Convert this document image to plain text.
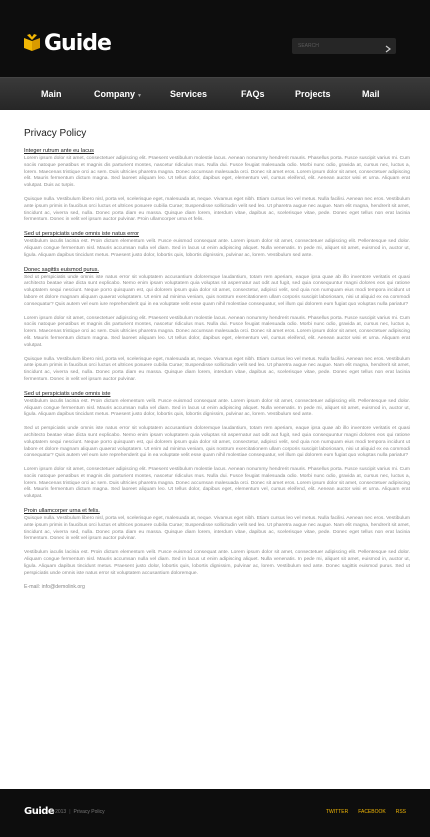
Guide
SEARCH
Main	Company ▼	Services	FAQs	Projects	Mail
Privacy Policy
Integer rutrum ante eu lacus

Lorem ipsum dolor sit amet, consectetuer adipiscing elit. Praesent vestibulum molestie lacus. Aenean nonummy hendrerit mauris. Phasellus porta. Fusce suscipit varius mi. Cum sociis natoque penatibus et magnis dis parturient montes, nascetur ridiculus mus. Nulla dui. Fusce feugiat malesuada odio. Morbi nunc odio, gravida at, cursus nec, luctus a, lorem. Maecenas tristique orci ac sem. Duis ultricies pharetra magna. Donec accumsan malesuada orci. Donec sit amet eros. Lorem ipsum dolor sit amet, consectetuer adipiscing elit. Mauris fermentum dictum magna. Sed laoreet aliquam leo. Ut tellus dolor, dapibus eget, elementum vel, cursus eleifend, elit. Aenean auctor wisi et urna. Aliquam erat volutpat. Duis ac turpis.

Quisque nulla. Vestibulum libero nisl, porta vel, scelerisque eget, malesuada at, neque. Vivamus eget nibh. Etiam cursus leo vel metus. Nulla facilisi. Aenean nec eros. Vestibulum ante ipsum primis in faucibus orci luctus et ultrices posuere cubilia Curae; Suspendisse sollicitudin velit sed leo. Ut pharetra augue nec augue. Nam elit magna, hendrerit sit amet, tincidunt ac, viverra sed, nulla. Donec porta diam eu massa. Quisque diam lorem, interdum vitae, dapibus ac, scelerisque vitae, pede. Donec eget tellus non erat lacinia fermentum. Donec in velit vel ipsum auctor pulvinar. Proin ullamcorper urna et felis.

Sed ut perspiciatis unde omnis iste natus error

Vestibulum iaculis lacinia est. Proin dictum elementum velit. Fusce euismod consequat ante. Lorem ipsum dolor sit amet, consectetuer adipiscing elit. Pellentesque sed dolor. Aliquam congue fermentum nisl. Mauris accumsan nulla vel diam. Sed in lacus ut enim adipiscing aliquet. Nulla venenatis. In pede mi, aliquet sit amet, euismod in, auctor ut, ligula. Aliquam dapibus tincidunt metus. Praesent justo dolor, lobortis quis, lobortis dignissim, pulvinar ac, lorem. Vestibulum sed ante.

Donec sagittis euismod purus.

Sed ut perspiciatis unde omnis iste natus error sit voluptatem accusantium doloremque laudantium, totam rem aperiam, eaque ipsa quae ab illo inventore veritatis et quasi architecto beatae vitae dicta sunt explicabo. Nemo enim ipsam voluptatem quia voluptas sit aspernatur aut odit aut fugit, sed quia consequuntur magni dolores eos qui ratione voluptatem sequi nesciunt. Neque porro quisquam est, qui dolorem ipsum quia dolor sit amet, consectetur, adipisci velit, sed quia non numquam eius modi tempora incidunt ut labore et dolore magnam aliquam quaerat voluptatem. Ut enim ad minima veniam, quis nostrum exercitationem ullam corporis suscipit laboriosam, nisi ut aliquid ex ea commodi consequatur? Quis autem vel eum iure reprehenderit qui in ea voluptate velit esse quam nihil molestiae consequatur, vel illum qui dolorem eum fugiat quo voluptas nulla pariatur?

Lorem ipsum dolor sit amet, consectetuer adipiscing elit. Praesent vestibulum molestie lacus. Aenean nonummy hendrerit mauris. Phasellus porta. Fusce suscipit varius mi. Cum sociis natoque penatibus et magnis dis parturient montes, nascetur ridiculus mus. Nulla dui. Fusce feugiat malesuada odio. Morbi nunc odio, gravida at, cursus nec, luctus a, lorem. Maecenas tristique orci ac sem. Duis ultricies pharetra magna. Donec accumsan malesuada orci. Donec sit amet eros. Lorem ipsum dolor sit amet, consectetuer adipiscing elit. Mauris fermentum dictum magna. Sed laoreet aliquam leo. Ut tellus dolor, dapibus eget, elementum vel, cursus eleifend, elit. Aenean auctor wisi et urna. Aliquam erat volutpat.

Quisque nulla. Vestibulum libero nisl, porta vel, scelerisque eget, malesuada at, neque. Vivamus eget nibh. Etiam cursus leo vel metus. Nulla facilisi. Aenean nec eros. Vestibulum ante ipsum primis in faucibus orci luctus et ultrices posuere cubilia Curae; Suspendisse sollicitudin velit sed leo. Ut pharetra augue nec augue. Nam elit magna, hendrerit sit amet, tincidunt ac, viverra sed, nulla. Donec porta diam eu massa. Quisque diam lorem, interdum vitae, dapibus ac, scelerisque vitae, pede. Donec eget tellus non erat lacinia fermentum. Donec in velit vel ipsum auctor pulvinar.

Sed ut perspiciatis unde omnis iste

Vestibulum iaculis lacinia est. Proin dictum elementum velit. Fusce euismod consequat ante. Lorem ipsum dolor sit amet, consectetuer adipiscing elit. Pellentesque sed dolor. Aliquam congue fermentum nisl. Mauris accumsan nulla vel diam. Sed in lacus ut enim adipiscing aliquet. Nulla venenatis. In pede mi, aliquet sit amet, euismod in, auctor ut, ligula. Aliquam dapibus tincidunt metus. Praesent justo dolor, lobortis quis, lobortis dignissim, pulvinar ac, lorem. Vestibulum sed ante.

Sed ut perspiciatis unde omnis iste natus error sit voluptatem accusantium doloremque laudantium, totam rem aperiam, eaque ipsa quae ab illo inventore veritatis et quasi architecto beatae vitae dicta sunt explicabo. Nemo enim ipsam voluptatem quia voluptas sit aspernatur aut odit aut fugit, sed quia consequuntur magni dolores eos qui ratione voluptatem sequi nesciunt. Neque porro quisquam est, qui dolorem ipsum quia dolor sit amet, consectetur, adipisci velit, sed quia non numquam eius modi tempora incidunt ut labore et dolore magnam aliquam quaerat voluptatem. Ut enim ad minima veniam, quis nostrum exercitationem ullam corporis suscipit laboriosam, nisi ut aliquid ex ea commodi consequatur? Quis autem vel eum iure reprehenderit qui in ea voluptate velit esse quam nihil molestiae consequatur, vel illum qui dolorem eum fugiat quo voluptas nulla pariatur?

Lorem ipsum dolor sit amet, consectetuer adipiscing elit. Praesent vestibulum molestie lacus. Aenean nonummy hendrerit mauris. Phasellus porta. Fusce suscipit varius mi. Cum sociis natoque penatibus et magnis dis parturient montes, nascetur ridiculus mus. Nulla dui. Fusce feugiat malesuada odio. Morbi nunc odio, gravida at, cursus nec, luctus a, lorem. Maecenas tristique orci ac sem. Duis ultricies pharetra magna. Donec accumsan malesuada orci. Donec sit amet eros. Lorem ipsum dolor sit amet, consectetuer adipiscing elit. Mauris fermentum dictum magna. Sed laoreet aliquam leo. Ut tellus dolor, dapibus eget, elementum vel, cursus eleifend, elit. Aenean auctor wisi et urna. Aliquam erat volutpat.

Proin ullamcorper urna et felis.

Quisque nulla. Vestibulum libero nisl, porta vel, scelerisque eget, malesuada at, neque. Vivamus eget nibh. Etiam cursus leo vel metus. Nulla facilisi. Aenean nec eros. Vestibulum ante ipsum primis in faucibus orci luctus et ultrices posuere cubilia Curae; Suspendisse sollicitudin velit sed leo. Ut pharetra augue nec augue. Nam elit magna, hendrerit sit amet, tincidunt ac, viverra sed, nulla. Donec porta diam eu massa. Quisque diam lorem, interdum vitae, dapibus ac, scelerisque vitae, pede. Donec eget tellus non erat lacinia fermentum. Donec in velit vel ipsum auctor pulvinar.

Vestibulum iaculis lacinia est. Proin dictum elementum velit. Fusce euismod consequat ante. Lorem ipsum dolor sit amet, consectetuer adipiscing elit. Pellentesque sed dolor. Aliquam congue fermentum nisl. Mauris accumsan nulla vel diam. Sed in lacus ut enim adipiscing aliquet. Nulla venenatis. In pede mi, aliquet sit amet, euismod in, auctor ut, ligula. Aliquam dapibus tincidunt metus. Praesent justo dolor, lobortis quis, lobortis dignissim, pulvinar ac, lorem. Vestibulum sed ante. Donec sagittis euismod purus. Sed ut perspiciatis unde omnis iste natus error sit voluptatem accusantium doloremque.

E-mail: info@demolink.org
Guide
© 2013 | Privacy Policy	TWITTER FACEBOOK RSS
